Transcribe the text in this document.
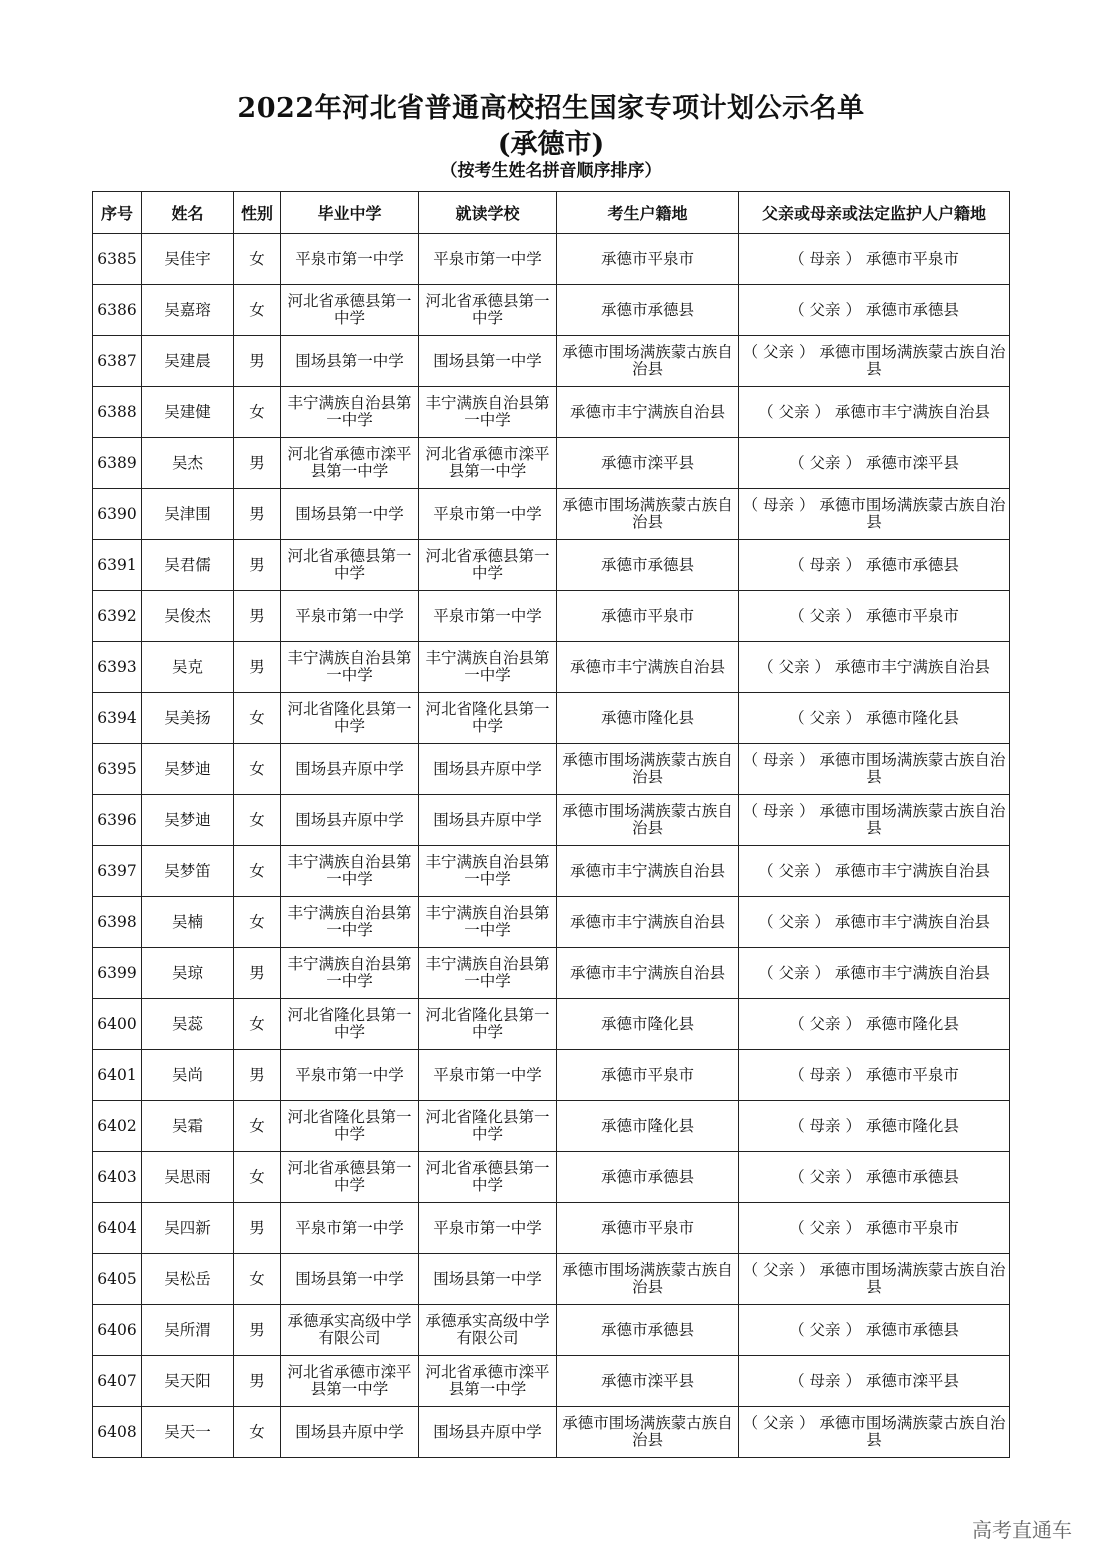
2022年河北省普通高校招生国家专项计划公示名单
(承德市)
（按考生姓名拼音顺序排序）
序号	姓名	性别	毕业中学	就读学校	考生户籍地	父亲或母亲或法定监护人户籍地
6385	吴佳宇	女	平泉市第一中学	平泉市第一中学	承德市平泉市	（ 母亲 ） 承德市平泉市
6386	吴嘉瑢	女	河北省承德县第一中学	河北省承德县第一中学	承德市承德县	（ 父亲 ） 承德市承德县
6387	吴建晨	男	围场县第一中学	围场县第一中学	承德市围场满族蒙古族自治县	（ 父亲 ） 承德市围场满族蒙古族自治县
6388	吴建健	女	丰宁满族自治县第一中学	丰宁满族自治县第一中学	承德市丰宁满族自治县	（ 父亲 ） 承德市丰宁满族自治县
6389	吴杰	男	河北省承德市滦平县第一中学	河北省承德市滦平县第一中学	承德市滦平县	（ 父亲 ） 承德市滦平县
6390	吴津围	男	围场县第一中学	平泉市第一中学	承德市围场满族蒙古族自治县	（ 母亲 ） 承德市围场满族蒙古族自治县
6391	吴君儒	男	河北省承德县第一中学	河北省承德县第一中学	承德市承德县	（ 母亲 ） 承德市承德县
6392	吴俊杰	男	平泉市第一中学	平泉市第一中学	承德市平泉市	（ 父亲 ） 承德市平泉市
6393	吴克	男	丰宁满族自治县第一中学	丰宁满族自治县第一中学	承德市丰宁满族自治县	（ 父亲 ） 承德市丰宁满族自治县
6394	吴美扬	女	河北省隆化县第一中学	河北省隆化县第一中学	承德市隆化县	（ 父亲 ） 承德市隆化县
6395	吴梦迪	女	围场县卉原中学	围场县卉原中学	承德市围场满族蒙古族自治县	（ 母亲 ） 承德市围场满族蒙古族自治县
6396	吴梦迪	女	围场县卉原中学	围场县卉原中学	承德市围场满族蒙古族自治县	（ 母亲 ） 承德市围场满族蒙古族自治县
6397	吴梦笛	女	丰宁满族自治县第一中学	丰宁满族自治县第一中学	承德市丰宁满族自治县	（ 父亲 ） 承德市丰宁满族自治县
6398	吴楠	女	丰宁满族自治县第一中学	丰宁满族自治县第一中学	承德市丰宁满族自治县	（ 父亲 ） 承德市丰宁满族自治县
6399	吴琼	男	丰宁满族自治县第一中学	丰宁满族自治县第一中学	承德市丰宁满族自治县	（ 父亲 ） 承德市丰宁满族自治县
6400	吴蕊	女	河北省隆化县第一中学	河北省隆化县第一中学	承德市隆化县	（ 父亲 ） 承德市隆化县
6401	吴尚	男	平泉市第一中学	平泉市第一中学	承德市平泉市	（ 母亲 ） 承德市平泉市
6402	吴霜	女	河北省隆化县第一中学	河北省隆化县第一中学	承德市隆化县	（ 母亲 ） 承德市隆化县
6403	吴思雨	女	河北省承德县第一中学	河北省承德县第一中学	承德市承德县	（ 父亲 ） 承德市承德县
6404	吴四新	男	平泉市第一中学	平泉市第一中学	承德市平泉市	（ 父亲 ） 承德市平泉市
6405	吴松岳	女	围场县第一中学	围场县第一中学	承德市围场满族蒙古族自治县	（ 父亲 ） 承德市围场满族蒙古族自治县
6406	吴所渭	男	承德承实高级中学有限公司	承德承实高级中学有限公司	承德市承德县	（ 父亲 ） 承德市承德县
6407	吴天阳	男	河北省承德市滦平县第一中学	河北省承德市滦平县第一中学	承德市滦平县	（ 母亲 ） 承德市滦平县
6408	吴天一	女	围场县卉原中学	围场县卉原中学	承德市围场满族蒙古族自治县	（ 父亲 ） 承德市围场满族蒙古族自治县
高考直通车
